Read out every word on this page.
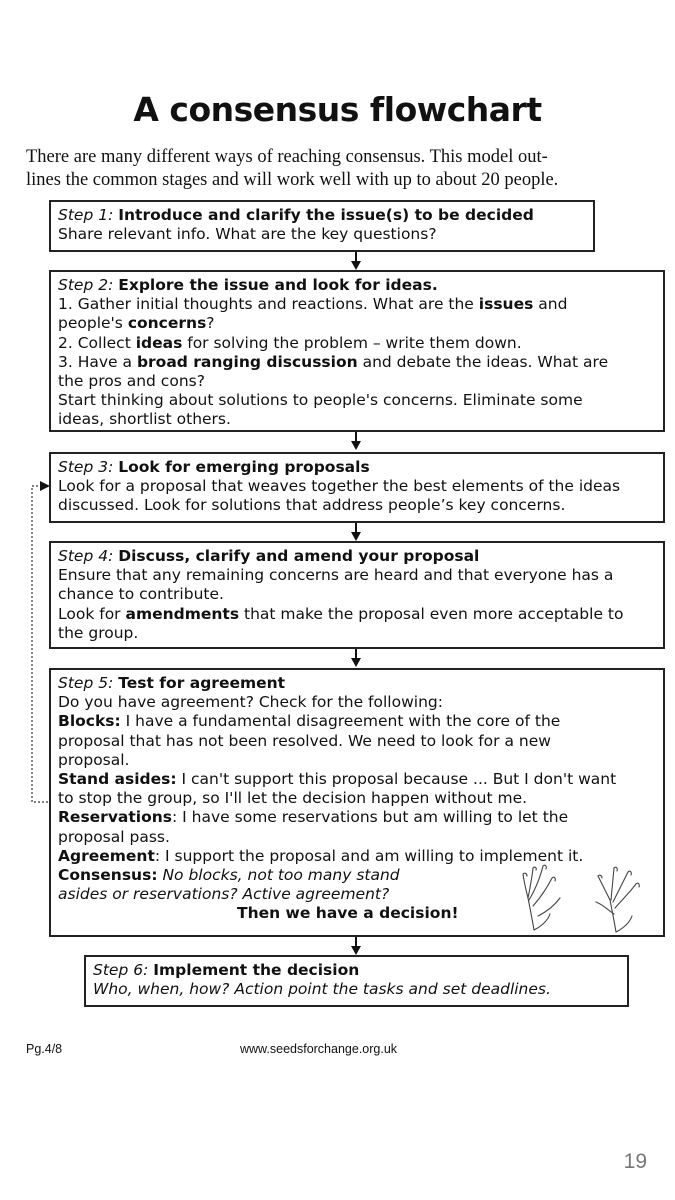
A consensus flowchart
There are many different ways of reaching consensus. This model out-
lines the common stages and will work well with up to about 20 people.

Step 1: Introduce and clarify the issue(s) to be decided

Share relevant info. What are the key questions?

Step 2: Explore the issue and look for ideas.

1. Gather initial thoughts and reactions. What are the issues and

people's concerns?

2. Collect ideas for solving the problem – write them down.

3. Have a broad ranging discussion and debate the ideas. What are

the pros and cons?

Start thinking about solutions to people's concerns. Eliminate some

ideas, shortlist others.

Step 3: Look for emerging proposals

Look for a proposal that weaves together the best elements of the ideas

discussed. Look for solutions that address people’s key concerns.

Step 4: Discuss, clarify and amend your proposal

Ensure that any remaining concerns are heard and that everyone has a

chance to contribute.

Look for amendments that make the proposal even more acceptable to

the group.

Step 5: Test for agreement

Do you have agreement? Check for the following:

Blocks: I have a fundamental disagreement with the core of the

proposal that has not been resolved. We need to look for a new

proposal.

Stand asides: I can't support this proposal because ... But I don't want

to stop the group, so I'll let the decision happen without me.

Reservations: I have some reservations but am willing to let the

proposal pass.

Agreement: I support the proposal and am willing to implement it.

Consensus: No blocks, not too many stand

asides or reservations? Active agreement?

Then we have a decision!

Step 6: Implement the decision

Who, when, how? Action point the tasks and set deadlines.

Pg.4/8	www.seedsforchange.org.uk
19
